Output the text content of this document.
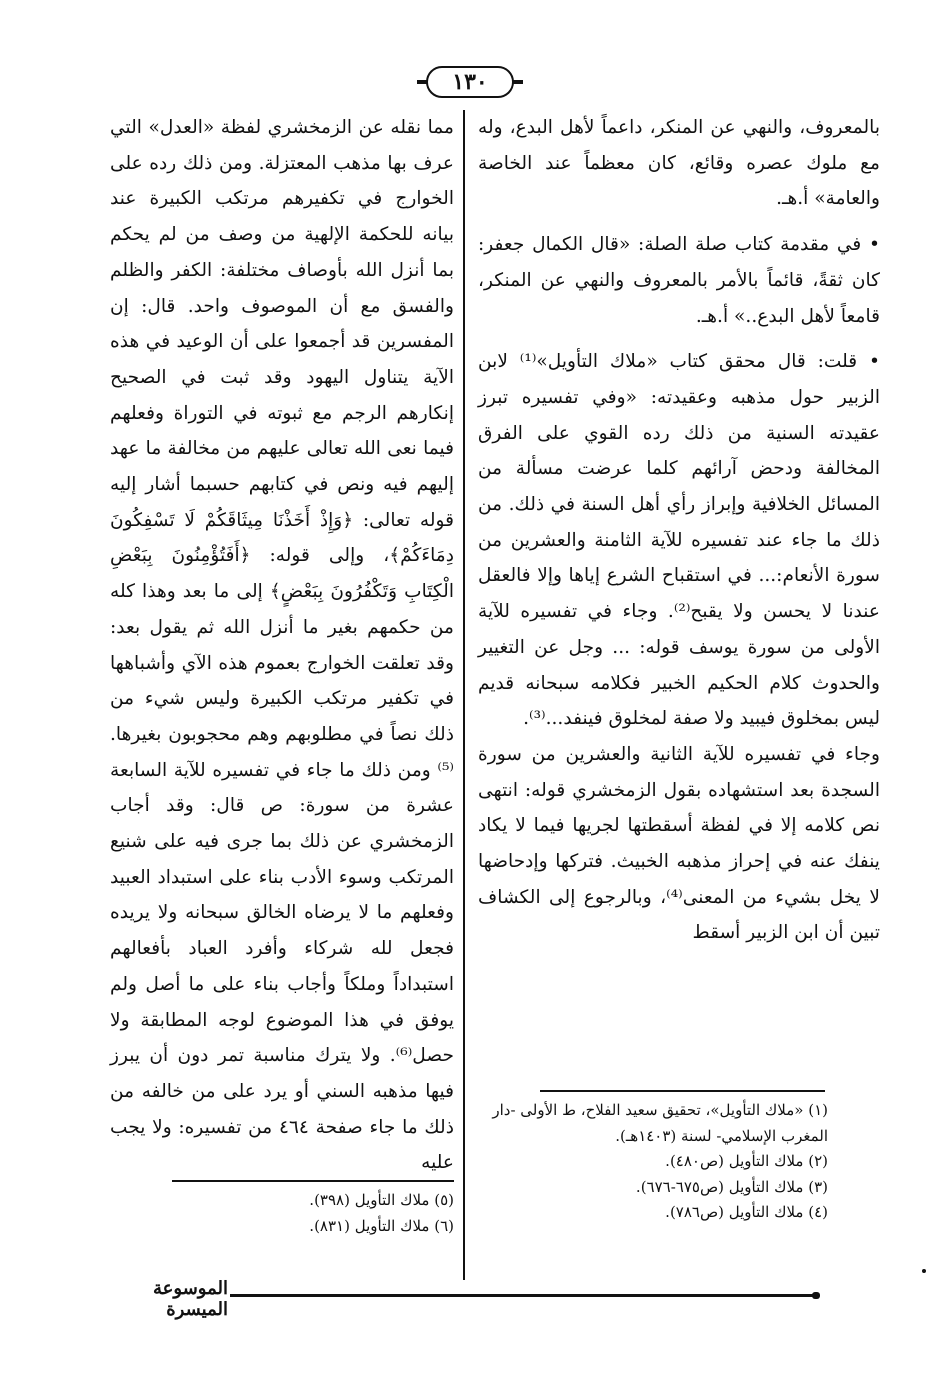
١٣٠

بالمعروف، والنهي عن المنكر، داعماً لأهل البدع، وله مع ملوك عصره وقائع، كان معظماً عند الخاصة والعامة» أ.هـ.

• في مقدمة كتاب صلة الصلة: «قال الكمال جعفر: كان ثقةً، قائماً بالأمر بالمعروف والنهي عن المنكر، قامعاً لأهل البدع..» أ.هـ.

• قلت: قال محقق كتاب «ملاك التأويل»⁽¹⁾ لابن الزبير حول مذهبه وعقيدته: «وفي تفسيره تبرز عقيدته السنية من ذلك رده القوي على الفرق المخالفة ودحض آرائهم كلما عرضت مسألة من المسائل الخلافية وإبراز رأي أهل السنة في ذلك. من ذلك ما جاء عند تفسيره للآية الثامنة والعشرين من سورة الأنعام:... في استقباح الشرع إياها وإلا فالعقل عندنا لا يحسن ولا يقبح⁽²⁾. وجاء في تفسيره للآية الأولى من سورة يوسف قوله: ... وجل عن التغيير والحدوث كلام الحكيم الخبير فكلامه سبحانه قديم ليس بمخلوق فيبيد ولا صفة لمخلوق فينفد...⁽³⁾.

وجاء في تفسيره للآية الثانية والعشرين من سورة السجدة بعد استشهاده بقول الزمخشري قوله: انتهى نص كلامه إلا في لفظة أسقطتها لجريها فيما لا يكاد ينفك عنه في إحراز مذهبه الخبيث. فتركها وإدحاضها لا يخل بشيء من المعنى⁽⁴⁾، وبالرجوع إلى الكشاف تبين أن ابن الزبير أسقط

مما نقله عن الزمخشري لفظة «العدل» التي عرف بها مذهب المعتزلة. ومن ذلك رده على الخوارج في تكفيرهم مرتكب الكبيرة عند بيانه للحكمة الإلهية من وصف من لم يحكم بما أنزل الله بأوصاف مختلفة: الكفر والظلم والفسق مع أن الموصوف واحد. قال: إن المفسرين قد أجمعوا على أن الوعيد في هذه الآية يتناول اليهود وقد ثبت في الصحيح إنكارهم الرجم مع ثبوته في التوراة وفعلهم فيما نعى الله تعالى عليهم من مخالفة ما عهد إليهم فيه ونص في كتابهم حسبما أشار إليه قوله تعالى: ﴿وَإِذْ أَخَذْنَا مِيثَاقَكُمْ لَا تَسْفِكُونَ دِمَاءَكُمْ﴾، وإلى قوله: ﴿أَفَتُؤْمِنُونَ بِبَعْضِ الْكِتَابِ وَتَكْفُرُونَ بِبَعْضٍ﴾ إلى ما بعد وهذا كله من حكمهم بغير ما أنزل الله ثم يقول بعد: وقد تعلقت الخوارج بعموم هذه الآي وأشباهها في تكفير مرتكب الكبيرة وليس شيء من ذلك نصاً في مطلوبهم وهم محجوبون بغيرها.⁽⁵⁾ ومن ذلك ما جاء في تفسيره للآية السابعة عشرة من سورة: ص قال: وقد أجاب الزمخشري عن ذلك بما جرى فيه على شنيع المرتكب وسوء الأدب بناء على استبداد العبيد وفعلهم ما لا يرضاه الخالق سبحانه ولا يريده فجعل لله شركاء وأفرد العباد بأفعالهم استبداداً وملكاً وأجاب بناء على ما أصل ولم يوفق في هذا الموضوع لوجه المطابقة ولا حصل⁽⁶⁾. ولا يترك مناسبة تمر دون أن يبرز فيها مذهبه السني أو يرد على من خالفه من ذلك ما جاء صفحة ٤٦٤ من تفسيره: ولا يجب عليه

(١) «ملاك التأويل»، تحقيق سعيد الفلاح، ط الأولى -دار المغرب الإسلامي- لسنة (١٤٠٣هـ).

(٢) ملاك التأويل (ص٤٨٠).

(٣) ملاك التأويل (ص٦٧٥-٦٧٦).

(٤) ملاك التأويل (ص٧٨٦).

(٥) ملاك التأويل (٣٩٨).

(٦) ملاك التأويل (٨٣١).

الموسوعة الميسرة
